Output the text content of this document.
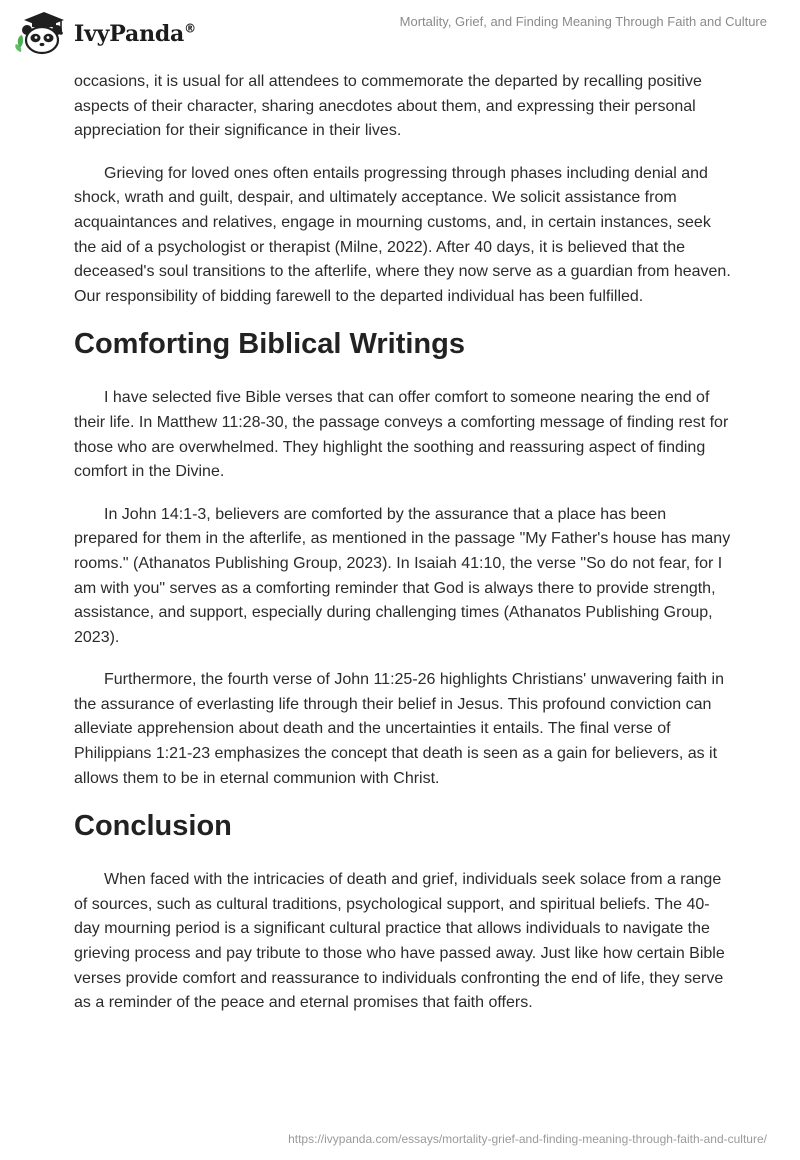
IvyPanda®	Mortality, Grief, and Finding Meaning Through Faith and Culture

occasions, it is usual for all attendees to commemorate the departed by recalling positive aspects of their character, sharing anecdotes about them, and expressing their personal appreciation for their significance in their lives.

Grieving for loved ones often entails progressing through phases including denial and shock, wrath and guilt, despair, and ultimately acceptance. We solicit assistance from acquaintances and relatives, engage in mourning customs, and, in certain instances, seek the aid of a psychologist or therapist (Milne, 2022). After 40 days, it is believed that the deceased's soul transitions to the afterlife, where they now serve as a guardian from heaven. Our responsibility of bidding farewell to the departed individual has been fulfilled.

Comforting Biblical Writings

I have selected five Bible verses that can offer comfort to someone nearing the end of their life. In Matthew 11:28-30, the passage conveys a comforting message of finding rest for those who are overwhelmed. They highlight the soothing and reassuring aspect of finding comfort in the Divine.

In John 14:1-3, believers are comforted by the assurance that a place has been prepared for them in the afterlife, as mentioned in the passage "My Father's house has many rooms." (Athanatos Publishing Group, 2023). In Isaiah 41:10, the verse "So do not fear, for I am with you" serves as a comforting reminder that God is always there to provide strength, assistance, and support, especially during challenging times (Athanatos Publishing Group, 2023).

Furthermore, the fourth verse of John 11:25-26 highlights Christians' unwavering faith in the assurance of everlasting life through their belief in Jesus. This profound conviction can alleviate apprehension about death and the uncertainties it entails. The final verse of Philippians 1:21-23 emphasizes the concept that death is seen as a gain for believers, as it allows them to be in eternal communion with Christ.

Conclusion

When faced with the intricacies of death and grief, individuals seek solace from a range of sources, such as cultural traditions, psychological support, and spiritual beliefs. The 40-day mourning period is a significant cultural practice that allows individuals to navigate the grieving process and pay tribute to those who have passed away. Just like how certain Bible verses provide comfort and reassurance to individuals confronting the end of life, they serve as a reminder of the peace and eternal promises that faith offers.

https://ivypanda.com/essays/mortality-grief-and-finding-meaning-through-faith-and-culture/
